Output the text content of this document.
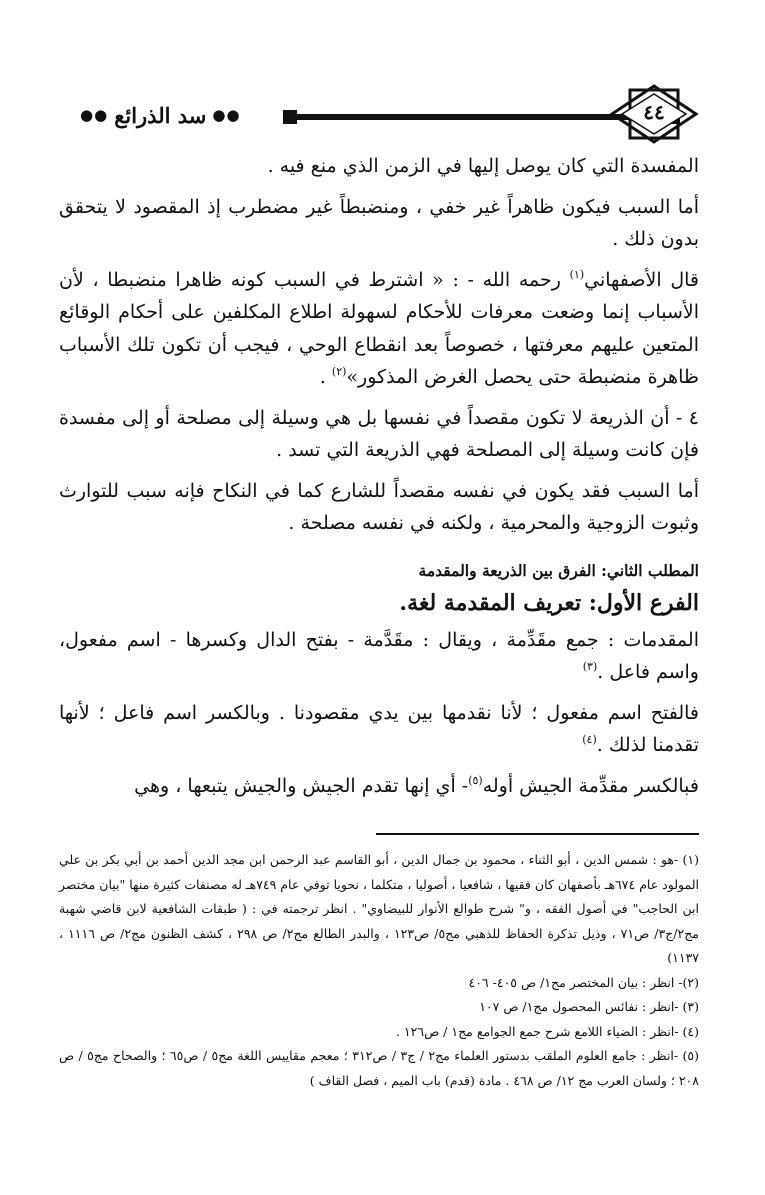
●● سد الذرائع ●●	٤٤

المفسدة التي كان يوصل إليها في الزمن الذي منع فيه .

أما السبب فيكون ظاهراً غير خفي ، ومنضبطاً غير مضطرب إذ المقصود لا يتحقق بدون ذلك .

قال الأصفهاني$^{(١)}$ رحمه الله - : « اشترط في السبب كونه ظاهرا منضبطا ، لأن الأسباب إنما وضعت معرفات للأحكام لسهولة اطلاع المكلفين على أحكام الوقائع المتعين عليهم معرفتها ، خصوصاً بعد انقطاع الوحي ، فيجب أن تكون تلك الأسباب ظاهرة منضبطة حتى يحصل الغرض المذكور»$^{(٢)}$ .

٤ - أن الذريعة لا تكون مقصداً في نفسها بل هي وسيلة إلى مصلحة أو إلى مفسدة فإن كانت وسيلة إلى المصلحة فهي الذريعة التي تسد .

أما السبب فقد يكون في نفسه مقصداً للشارع كما في النكاح فإنه سبب للتوارث وثبوت الزوجية والمحرمية ، ولكنه في نفسه مصلحة .

المطلب الثاني: الفرق بين الذريعة والمقدمة

الفرع الأول: تعريف المقدمة لغة.

المقدمات : جمع مقَدِّمة ، ويقال : مقَدَّمة - بفتح الدال وكسرها - اسم مفعول، واسم فاعل .$^{(٣)}$

فالفتح اسم مفعول ؛ لأنا نقدمها بين يدي مقصودنا . وبالكسر اسم فاعل ؛ لأنها تقدمنا لذلك .$^{(٤)}$

فبالكسر مقدِّمة الجيش أوله$^{(٥)}$- أي إنها تقدم الجيش والجيش يتبعها ، وهي

(١) -هو : شمس الدين ، أبو الثناء ، محمود بن جمال الدين ، أبو القاسم عبد الرحمن ابن مجد الدين أحمد بن أبي بكر بن علي المولود عام ٦٧٤هـ بأصفهان كان فقيها ، شافعيا ، أصوليا ، متكلما ، نحويا توفي عام ٧٤٩هـ له مصنفات كثيرة منها "بيان مختصر ابن الحاجب" في أصول الفقه ، و" شرح طوالع الأنوار للبيضاوي" . انظر ترجمته في : ( طبقات الشافعية لابن قاضي شهبة مج٢/ج٣/ ص٧١ ، وذيل تذكرة الحفاظ للذهبي مج٥/ ص١٢٣ ، والبدر الطالع مج٢/ ص ٢٩٨ ، كشف الظنون مج٢/ ص ١١١٦ ، ١١٣٧)

(٢)- انظر : بيان المختصر مج١/ ص ٤٠٥- ٤٠٦

(٣) -انظر : نفائس المحصول مج١/ ص ١٠٧

(٤) -انظر : الضياء اللامع شرح جمع الجوامع مج١ / ص١٢٦ .

(٥) -انظر : جامع العلوم الملقب بدستور العلماء مج٢ / ج٣ / ص٣١٢ ؛ معجم مقاييس اللغة مج٥ / ص٦٥ ؛ والصحاح مج٥ / ص ٢٠٨ ؛ ولسان العرب مج ١٢/ ص ٤٦٨ . مادة (قدم) باب الميم ، فصل القاف )
